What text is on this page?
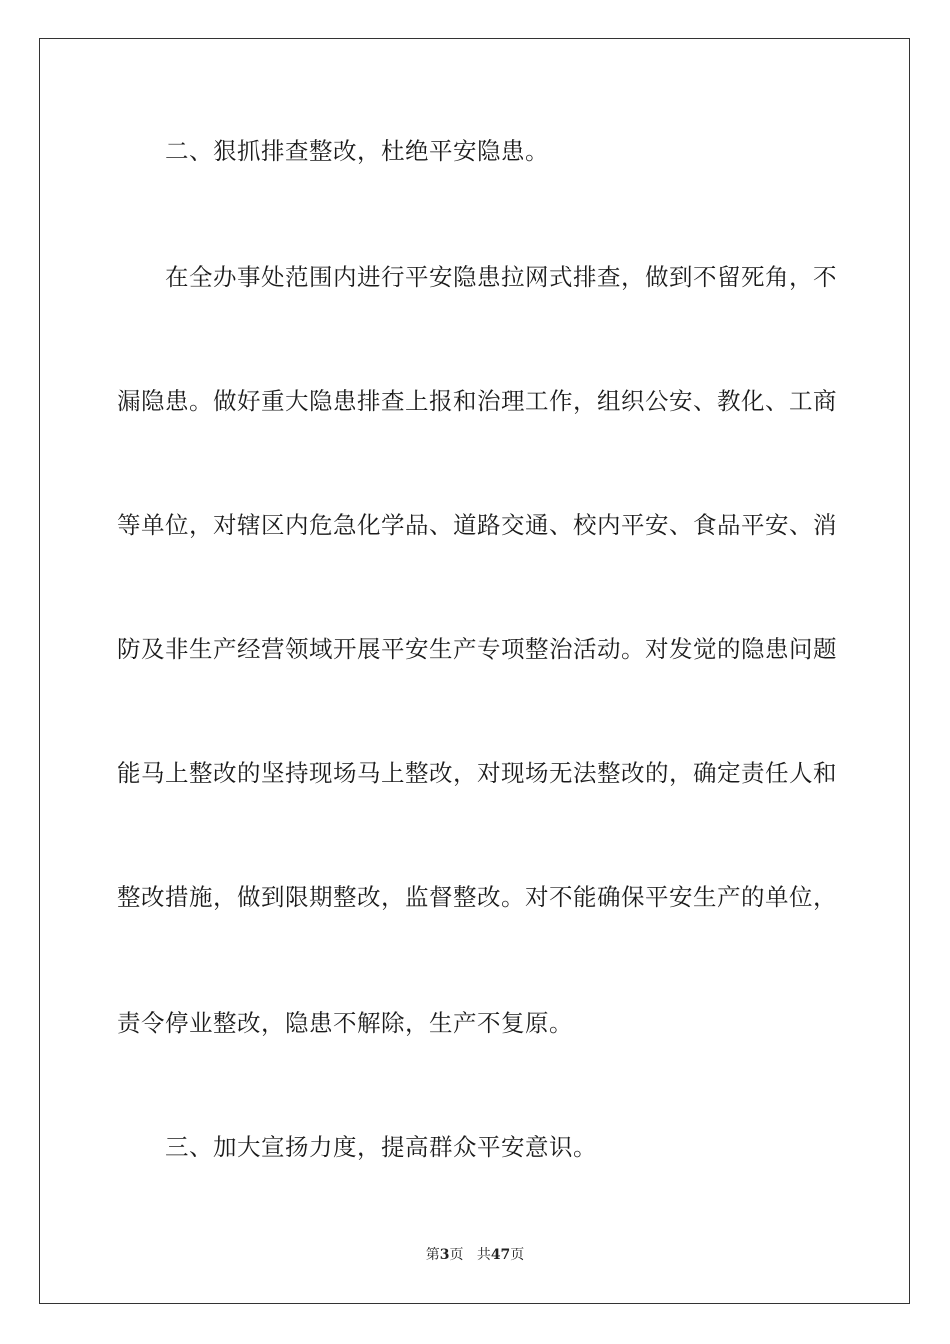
二、狠抓排查整改，杜绝平安隐患。
在全办事处范围内进行平安隐患拉网式排查，做到不留死角，不
漏隐患。做好重大隐患排查上报和治理工作，组织公安、教化、工商
等单位，对辖区内危急化学品、道路交通、校内平安、食品平安、消
防及非生产经营领域开展平安生产专项整治活动。对发觉的隐患问题
能马上整改的坚持现场马上整改，对现场无法整改的，确定责任人和
整改措施，做到限期整改，监督整改。对不能确保平安生产的单位，
责令停业整改，隐患不解除，生产不复原。
三、加大宣扬力度，提高群众平安意识。
第3页 共47页
